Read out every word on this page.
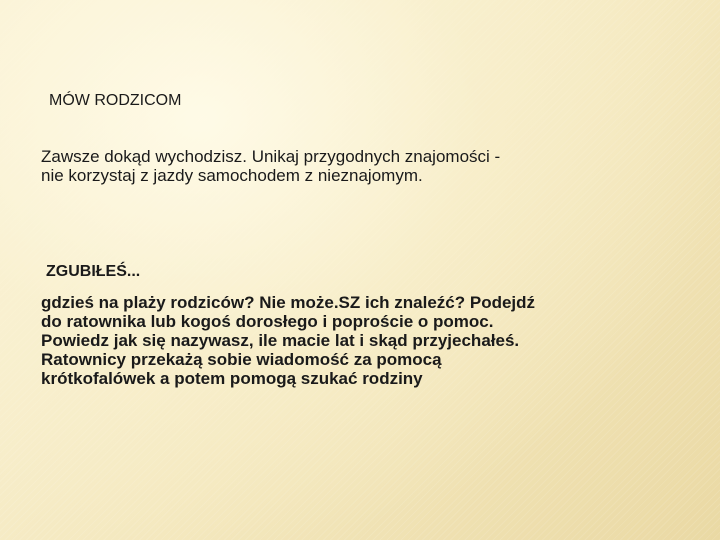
MÓW RODZICOM
Zawsze dokąd wychodzisz. Unikaj przygodnych znajomości - nie korzystaj z jazdy samochodem z nieznajomym.
ZGUBIŁEŚ...
gdzieś na plaży rodziców? Nie może.SZ ich znaleźć? Podejdź do ratownika lub kogoś dorosłego i poproście o pomoc. Powiedz jak się nazywasz, ile macie lat i skąd przyjechałeś. Ratownicy przekażą sobie wiadomość za pomocą krótkofalówek a potem pomogą szukać rodziny
